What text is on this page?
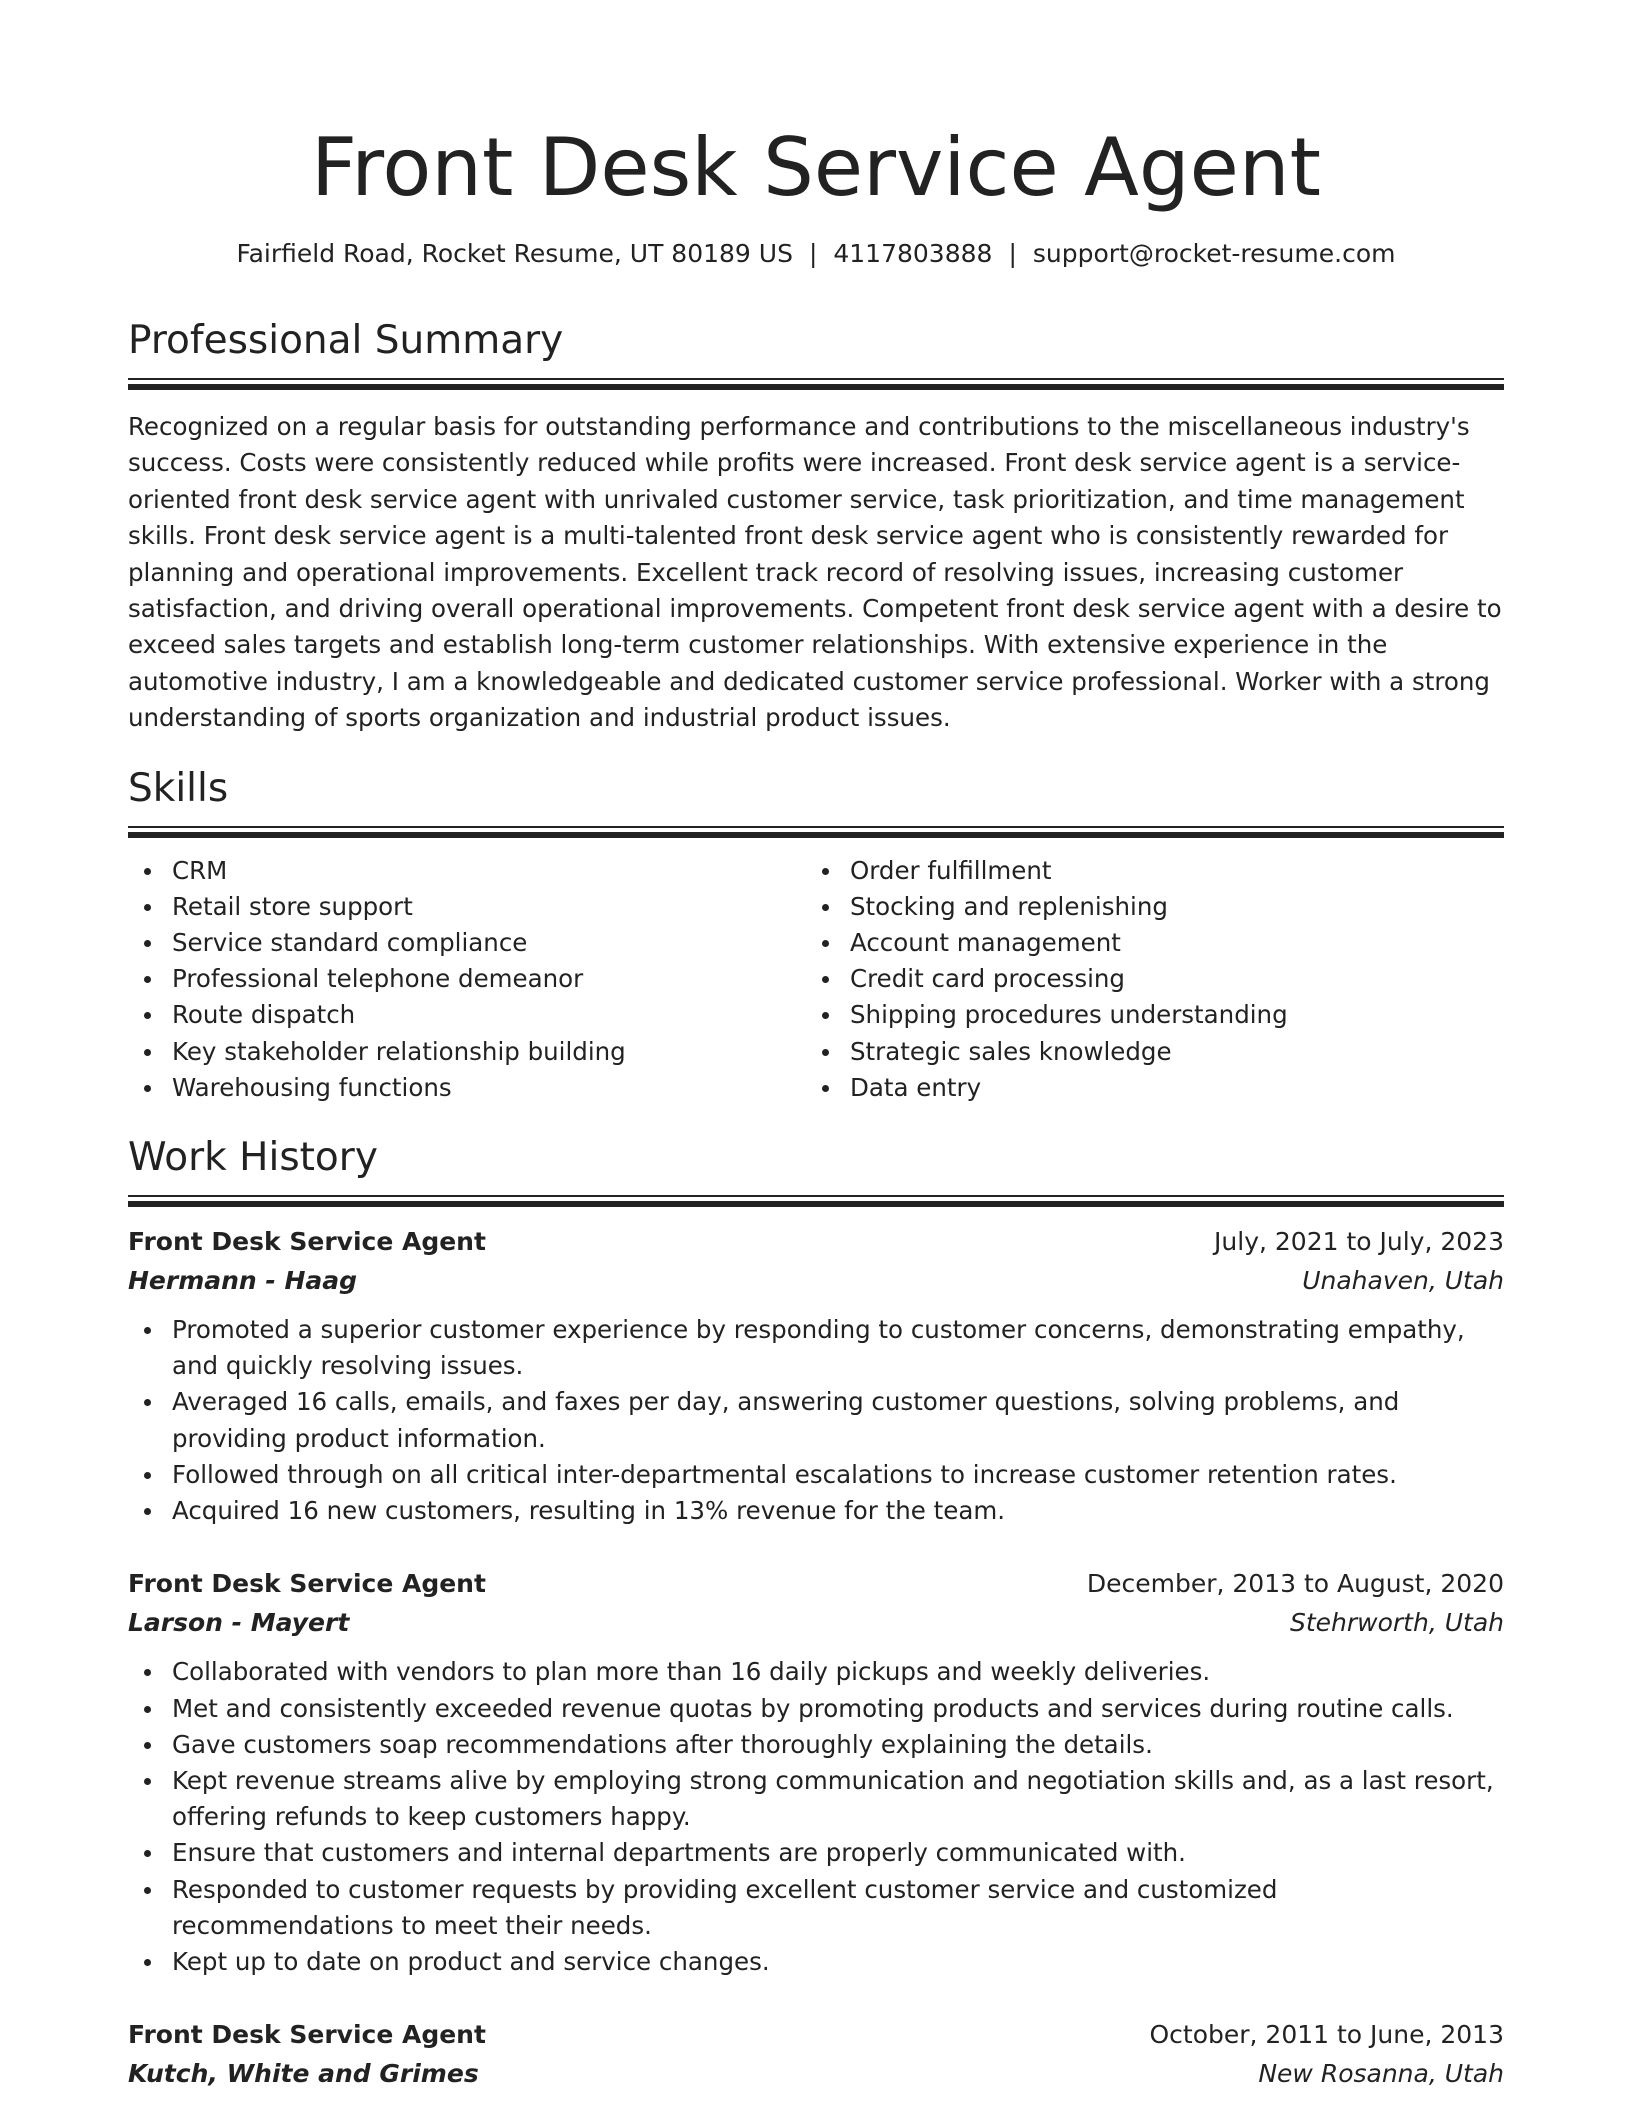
Front Desk Service Agent
Fairfield Road, Rocket Resume, UT 80189 US | 4117803888 | support@rocket-resume.com
Professional Summary

Recognized on a regular basis for outstanding performance and contributions to the miscellaneous industry's success. Costs were consistently reduced while profits were increased. Front desk service agent is a service-oriented front desk service agent with unrivaled customer service, task prioritization, and time management skills. Front desk service agent is a multi-talented front desk service agent who is consistently rewarded for planning and operational improvements. Excellent track record of resolving issues, increasing customer satisfaction, and driving overall operational improvements. Competent front desk service agent with a desire to exceed sales targets and establish long-term customer relationships. With extensive experience in the automotive industry, I am a knowledgeable and dedicated customer service professional. Worker with a strong understanding of sports organization and industrial product issues.

Skills
CRM
Retail store support
Service standard compliance
Professional telephone demeanor
Route dispatch
Key stakeholder relationship building
Warehousing functions
Order fulfillment
Stocking and replenishing
Account management
Credit card processing
Shipping procedures understanding
Strategic sales knowledge
Data entry
Work History
Front Desk Service Agent	July, 2021 to July, 2023
Hermann - Haag	Unahaven, Utah
Promoted a superior customer experience by responding to customer concerns, demonstrating empathy, and quickly resolving issues.
Averaged 16 calls, emails, and faxes per day, answering customer questions, solving problems, and providing product information.
Followed through on all critical inter-departmental escalations to increase customer retention rates.
Acquired 16 new customers, resulting in 13% revenue for the team.
Front Desk Service Agent	December, 2013 to August, 2020
Larson - Mayert	Stehrworth, Utah
Collaborated with vendors to plan more than 16 daily pickups and weekly deliveries.
Met and consistently exceeded revenue quotas by promoting products and services during routine calls.
Gave customers soap recommendations after thoroughly explaining the details.
Kept revenue streams alive by employing strong communication and negotiation skills and, as a last resort, offering refunds to keep customers happy.
Ensure that customers and internal departments are properly communicated with.
Responded to customer requests by providing excellent customer service and customized recommendations to meet their needs.
Kept up to date on product and service changes.
Front Desk Service Agent	October, 2011 to June, 2013
Kutch, White and Grimes	New Rosanna, Utah
